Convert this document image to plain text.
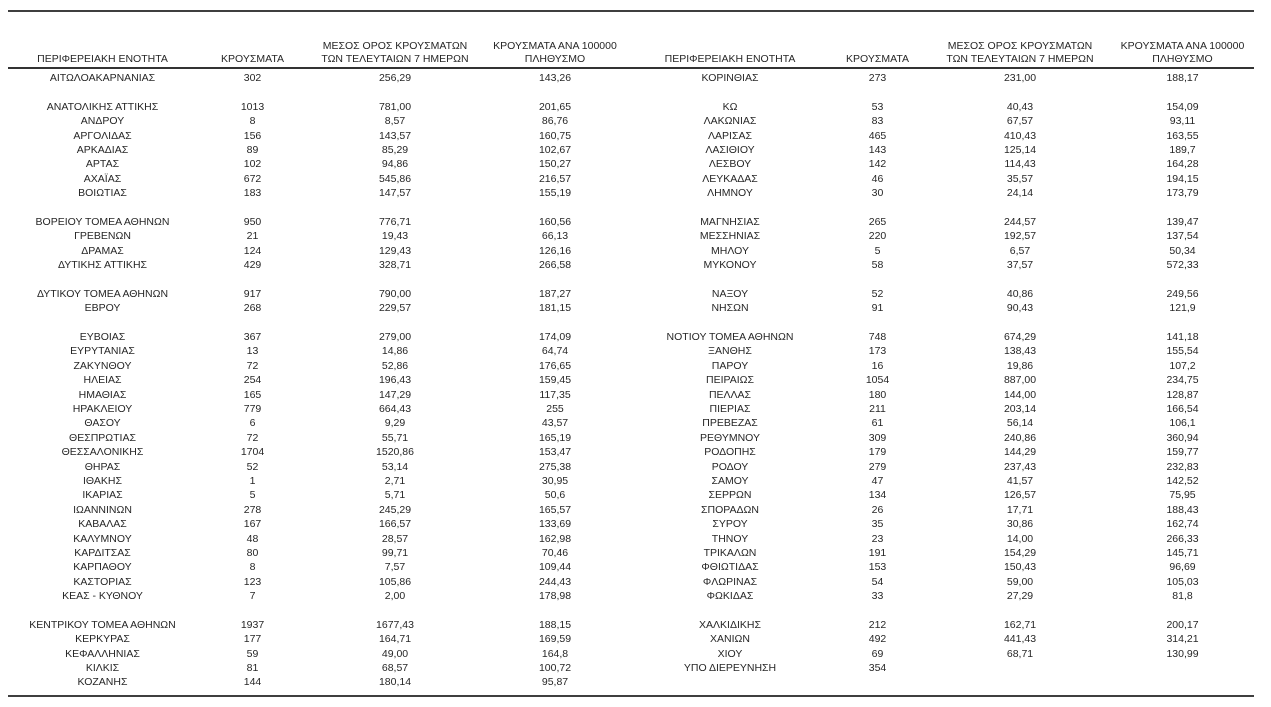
ΠΕΡΙΦΕΡΕΙΑΚΗ ΕΝΟΤΗΤΑ	ΚΡΟΥΣΜΑΤΑ
ΜΕΣΟΣ ΟΡΟΣ ΚΡΟΥΣΜΑΤΩΝ
ΤΩΝ ΤΕΛΕΥΤΑΙΩΝ 7 ΗΜΕΡΩΝ
ΚΡΟΥΣΜΑΤΑ ΑΝΑ 100000
ΠΛΗΘΥΣΜΟ
ΑΙΤΩΛΟΑΚΑΡΝΑΝΙΑΣ	302	256,29	143,26
ΑΝΑΤΟΛΙΚΗΣ ΑΤΤΙΚΗΣ	1013	781,00	201,65
ΑΝΔΡΟΥ	8	8,57	86,76
ΑΡΓΟΛΙΔΑΣ	156	143,57	160,75
ΑΡΚΑΔΙΑΣ	89	85,29	102,67
ΑΡΤΑΣ	102	94,86	150,27
ΑΧΑΪΑΣ	672	545,86	216,57
ΒΟΙΩΤΙΑΣ	183	147,57	155,19
ΒΟΡΕΙΟΥ ΤΟΜΕΑ ΑΘΗΝΩΝ	950	776,71	160,56
ΓΡΕΒΕΝΩΝ	21	19,43	66,13
ΔΡΑΜΑΣ	124	129,43	126,16
ΔΥΤΙΚΗΣ ΑΤΤΙΚΗΣ	429	328,71	266,58
ΔΥΤΙΚΟΥ ΤΟΜΕΑ ΑΘΗΝΩΝ	917	790,00	187,27
ΕΒΡΟΥ	268	229,57	181,15
ΕΥΒΟΙΑΣ	367	279,00	174,09
ΕΥΡΥΤΑΝΙΑΣ	13	14,86	64,74
ΖΑΚΥΝΘΟΥ	72	52,86	176,65
ΗΛΕΙΑΣ	254	196,43	159,45
ΗΜΑΘΙΑΣ	165	147,29	117,35
ΗΡΑΚΛΕΙΟΥ	779	664,43	255
ΘΑΣΟΥ	6	9,29	43,57
ΘΕΣΠΡΩΤΙΑΣ	72	55,71	165,19
ΘΕΣΣΑΛΟΝΙΚΗΣ	1704	1520,86	153,47
ΘΗΡΑΣ	52	53,14	275,38
ΙΘΑΚΗΣ	1	2,71	30,95
ΙΚΑΡΙΑΣ	5	5,71	50,6
ΙΩΑΝΝΙΝΩΝ	278	245,29	165,57
ΚΑΒΑΛΑΣ	167	166,57	133,69
ΚΑΛΥΜΝΟΥ	48	28,57	162,98
ΚΑΡΔΙΤΣΑΣ	80	99,71	70,46
ΚΑΡΠΑΘΟΥ	8	7,57	109,44
ΚΑΣΤΟΡΙΑΣ	123	105,86	244,43
ΚΕΑΣ - ΚΥΘΝΟΥ	7	2,00	178,98
ΚΕΝΤΡΙΚΟΥ ΤΟΜΕΑ ΑΘΗΝΩΝ	1937	1677,43	188,15
ΚΕΡΚΥΡΑΣ	177	164,71	169,59
ΚΕΦΑΛΛΗΝΙΑΣ	59	49,00	164,8
ΚΙΛΚΙΣ	81	68,57	100,72
ΚΟΖΑΝΗΣ	144	180,14	95,87
ΠΕΡΙΦΕΡΕΙΑΚΗ ΕΝΟΤΗΤΑ	ΚΡΟΥΣΜΑΤΑ
ΜΕΣΟΣ ΟΡΟΣ ΚΡΟΥΣΜΑΤΩΝ
ΤΩΝ ΤΕΛΕΥΤΑΙΩΝ 7 ΗΜΕΡΩΝ
ΚΡΟΥΣΜΑΤΑ ΑΝΑ 100000
ΠΛΗΘΥΣΜΟ
ΚΟΡΙΝΘΙΑΣ	273	231,00	188,17
ΚΩ	53	40,43	154,09
ΛΑΚΩΝΙΑΣ	83	67,57	93,11
ΛΑΡΙΣΑΣ	465	410,43	163,55
ΛΑΣΙΘΙΟΥ	143	125,14	189,7
ΛΕΣΒΟΥ	142	114,43	164,28
ΛΕΥΚΑΔΑΣ	46	35,57	194,15
ΛΗΜΝΟΥ	30	24,14	173,79
ΜΑΓΝΗΣΙΑΣ	265	244,57	139,47
ΜΕΣΣΗΝΙΑΣ	220	192,57	137,54
ΜΗΛΟΥ	5	6,57	50,34
ΜΥΚΟΝΟΥ	58	37,57	572,33
ΝΑΞΟΥ	52	40,86	249,56
ΝΗΣΩΝ	91	90,43	121,9
ΝΟΤΙΟΥ ΤΟΜΕΑ ΑΘΗΝΩΝ	748	674,29	141,18
ΞΑΝΘΗΣ	173	138,43	155,54
ΠΑΡΟΥ	16	19,86	107,2
ΠΕΙΡΑΙΩΣ	1054	887,00	234,75
ΠΕΛΛΑΣ	180	144,00	128,87
ΠΙΕΡΙΑΣ	211	203,14	166,54
ΠΡΕΒΕΖΑΣ	61	56,14	106,1
ΡΕΘΥΜΝΟΥ	309	240,86	360,94
ΡΟΔΟΠΗΣ	179	144,29	159,77
ΡΟΔΟΥ	279	237,43	232,83
ΣΑΜΟΥ	47	41,57	142,52
ΣΕΡΡΩΝ	134	126,57	75,95
ΣΠΟΡΑΔΩΝ	26	17,71	188,43
ΣΥΡΟΥ	35	30,86	162,74
ΤΗΝΟΥ	23	14,00	266,33
ΤΡΙΚΑΛΩΝ	191	154,29	145,71
ΦΘΙΩΤΙΔΑΣ	153	150,43	96,69
ΦΛΩΡΙΝΑΣ	54	59,00	105,03
ΦΩΚΙΔΑΣ	33	27,29	81,8
ΧΑΛΚΙΔΙΚΗΣ	212	162,71	200,17
ΧΑΝΙΩΝ	492	441,43	314,21
ΧΙΟΥ	69	68,71	130,99
ΥΠΟ ΔΙΕΡΕΥΝΗΣΗ	354
